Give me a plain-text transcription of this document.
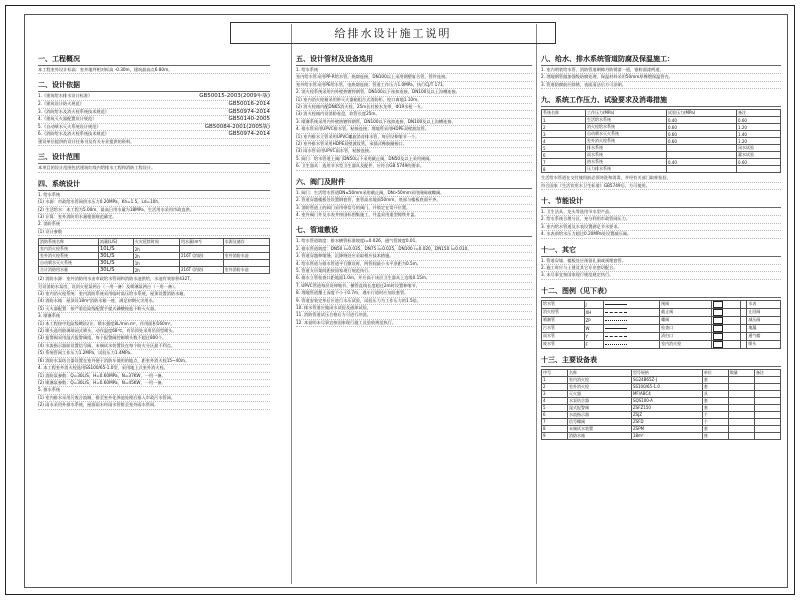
给排水设计施工说明
一、工程概况
本工程室外设计标高：室外地坪相对标高 -0.30m，建筑最高点6.80m。
二、设计依据
1.《建筑给水排水设计标准》	GB50015-2003(2009年版)
2.《建筑设计防火规范》	GB50016-2014
3.《消防给水及消火栓系统技术规范》	GB50974-2014
4.《建筑灭火器配置设计规范》	GB50140-2005
5.《自动喷水灭火系统设计规范》	GB50084-2001(2005版)
6.《消防给水及消火栓系统技术规范》	GB50974-2014
建设单位提供的设计任务书及有关专业提供的资料。
三、设计范围
本项目的设计范围包括建筑红线内给排水工程和消防工程设计。
四、系统设计
1. 给水系统
(1) 水源：市政给水管网供水压力0.20MPa，Kh=1.5，Ld=10h。
(2) 生活给水：本工程为5.00m，最高日用水量为18MPa，生活用水采用市政直供。
(3) 计算：室外消防用水量根据规范确定。
2. 消防系统
(1) 设计参数
消防系统名称	流量(L/S)	火灾延续时间	用水量(m³)	水源及储存
室内消火栓系统	10L/S	2h		
室外消火栓系统	30L/S	2h	216T (消防)	室外消防水池
自动喷水灭火系统	30L/S	1h		
合计消防用水量	30L/S	2h	216T (消防)	室外消防水池
(2) 消防水源：室外消防用水由市政给水管网和消防水池供给，水池有效容积432T。
另设消防水泵房，设消火栓泵两台（一用一备）及喷淋泵两台（一用一备）。
(3) 室内消火栓系统：室内消防系统采用临时高压给水系统，屋顶设置消防水箱。
(4) 消防水箱：屋顶设18m³消防水箱一座，满足初期火灾用水。
(5) 灭火器配置：按严重危险级配置手提式磷酸铵盐干粉灭火器。
3. 喷淋系统
(1) 本工程按中危险级Ⅱ级设计，喷水强度8L/min.m²，作用面积160m²。
(2) 喷头选用玻璃球闭式喷头，动作温度68℃，有吊顶处采用吊顶型喷头。
(3) 报警阀采用湿式报警阀组，每个报警阀控制喷头数不超过800个。
(4) 水流指示器前设置信号阀，末端试水装置设在每个防火分区最不利点。
(5) 系统管网工作压力1.2MPa，试验压力1.4MPa。
(6) 消防水泵结合器设置在室外便于消防车使用的地点，距室外消火栓15~40m。
4. 本工程室外消火栓选用SS100/65-1.0型，采用地上式室外消火栓。
(1) 消防泵参数：Q=30L/S，H=0.60MPa，N=37KW，一用一备。
(2) 喷淋泵参数：Q=30L/S，H=0.60MPa，N=45KW，一用一备。
5. 排水系统
(1) 室内排水采用污废合流制，排至室外化粪池处理后排入市政污水管网。
(2) 雨水采用外排水系统，屋面雨水经雨水管排至室外雨水管网。
五、设计管材及设备选用
1. 给水系统
室内给水管采用PP-R给水管，热熔连接，DN100以上采用钢塑复合管，管件连接。
室外给水管采用PE给水管，电热熔连接；管道工作压力1.0MPa，执行CJ/T 171。
2. 消火栓系统采用内外壁热镀锌钢管，DN100以下丝扣连接，DN100及以上沟槽连接。
(1) 室内消火栓箱采用带灭火器箱组合式消防柜，栓口离地1.10m。
(2) 消火栓箱内配DN65消火栓，25m长衬胶水龙带，Φ19水枪一支。
(3) 消火栓箱内设消防卷盘，软管长度25m。
3. 喷淋系统采用内外壁热镀锌钢管，DN100以下丝扣连接，DN100及以上沟槽连接。
4. 排水管采用UPVC排水管，粘接连接；埋地管采用HDPE双壁波纹管。
(1) 室内排水立管采用UPVC螺旋消音排水管，每层设伸缩节一个。
(2) 室外排水管采用HDPE双壁波纹管，承插式橡胶圈接口。
(3) 雨水管采用UPVC雨水管，粘接连接。
5. 阀门：给水管道上阀门DN50以下采用截止阀，DN50及以上采用闸阀。
6. 卫生器具：选用节水型卫生器具及配件，应符合GB 5749的要求。
六、阀门及附件
1. 阀门：生活给水管道DN≤50mm采用截止阀，DN>50mm采用闸阀或蝶阀。
2. 管道穿越楼板处设置钢套管，套管高出地面50mm，底部与楼板底面平齐。
3. 消防管道上的阀门采用带信号的阀门，并锁定在常开位置。
4. 室外阀门井及水表井按国标图集施工，井盖采用重型铸铁井盖。
七、管道敷设
1. 给水管道坡度：排水横管标准坡度i=0.026，通气管坡度0.01。
2. 排水管道坡度：DN50 i=0.035，DN75 i=0.025，DN100 i=0.020，DN150 i=0.010。
3. 管道穿越伸缩缝、沉降缝处应采取相应技术措施。
4. 给水管道与排水管道平行敷设时，两管间最小水平净距为0.5m。
5. 管道支吊架间距按国家现行规范执行。
6. 排水立管检查口距地面1.0m，并应高于该层卫生器具上边缘0.15m。
7. UPVC管道每层设伸缩节，横管直线长度超过2m时设置伸缩节。
8. 埋地管道覆土深度不小于0.7m，遇车行道时应加设套管。
9. 管道安装完毕后应进行水压试验，试验压力为工作压力的1.5倍。
10. 排水管道应做闭水试验及通球试验。
11. 消防管道试压合格后方可进行冲洗。
12. 本说明未尽事宜按国家现行施工及验收规范执行。
八、给水、排水系统管道防腐及保温施工：
1. 室内明装给水管、消防管道刷樟丹防锈漆一道，银粉面漆两道。
2. 埋地钢管做加强级防腐处理，保温材料采用50mm厚橡塑保温管壳。
3. 管道防腐前应除锈，表面清洁后方可涂刷。
九、系统工作压力、试验要求及消毒措施
系统名称	工作压力(MPa)	试验压力(MPa)	备注
1	生活给水系统	0.40	0.60
2	消火栓给水系统	0.60	1.20
3	自动喷水灭火系统	0.60	1.40
4	室外消火栓系统	0.60	1.20
5	排水系统		闭水试验
6	雨水系统		灌水试验
7	热水系统	0.40	0.60
8	压力排水系统		
生活给水管道在交付使用前必须冲洗和消毒，并经有关部门取样检验，
符合国家《生活饮用水卫生标准》GB5749后，方可使用。
十、节能设计
1. 卫生洁具、龙头等选用节水型产品。
2. 给水系统合理分区，充分利用市政管网压力。
3. 室内给水管道及水表设置满足节水要求。
4. 水表前给水压力超过0.20MPa处设置减压阀。
十一、其它
1. 管道穿墙、楼板处应预留孔洞或预埋套管。
2. 施工时应与土建及其它专业密切配合。
3. 未尽事宜按国家现行规范规定执行。
十二、图例（见下表）
给水管	J		闸阀			水表
消火栓管	XH		截止阀			止回阀
喷淋管	ZP		蝶阀			减压阀
污水管	W		检查口			地漏
雨水管	Y		清扫口			通气帽
废水管	F		室内消火栓			喷头
十三、主要设备表
序号	名称	型号规格	单位	数量	备注
1	室内消火栓	SG24B65Z-J	套		
2	室外消火栓	SS100/65-1.0	套		
3	灭火器	MF/ABC4	具		
4	水泵结合器	SQS100-A	套		
5	湿式报警阀	ZSFZ150	套		
6	水流指示器	ZSJZ	个		
7	信号蝶阀	ZSFD	个		
8	末端试水装置	ZSPM	套		
9	消防水箱	18m³	座		
